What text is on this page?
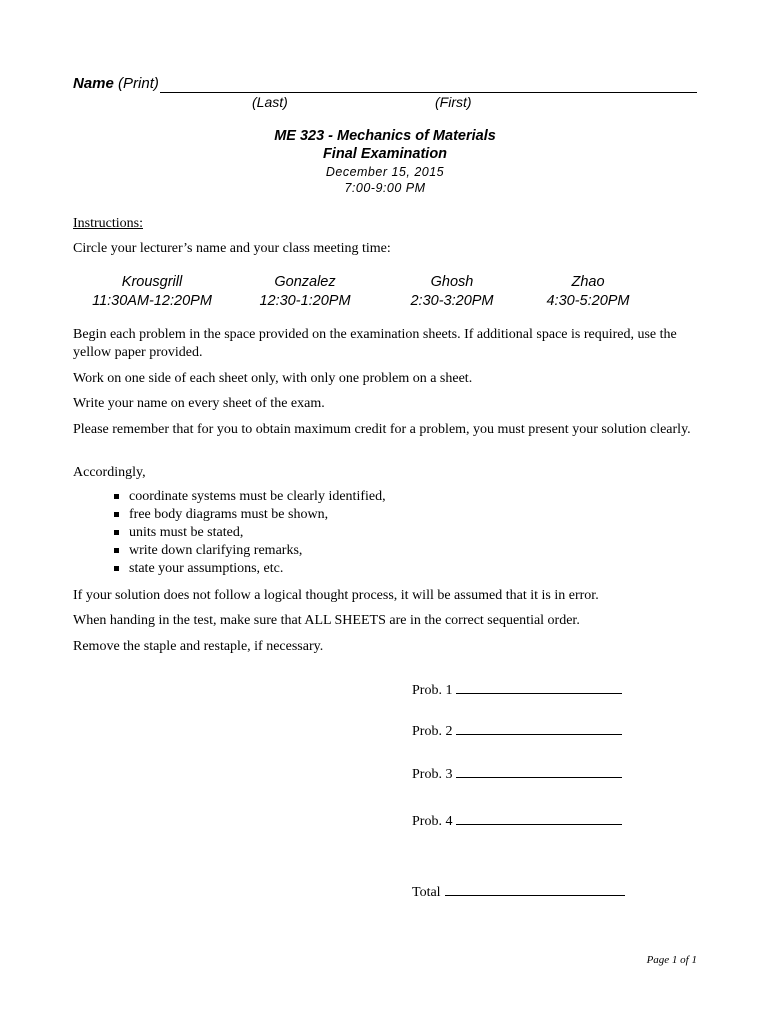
Name (Print)
(Last)	(First)
ME 323 - Mechanics of Materials
Final Examination
December 15, 2015
7:00-9:00 PM
Instructions:
Circle your lecturer’s name and your class meeting time:
Krousgrill
11:30AM-12:20PM
Gonzalez
12:30-1:20PM
Ghosh
2:30-3:20PM
Zhao
4:30-5:20PM
Begin each problem in the space provided on the examination sheets. If additional space is required, use the yellow paper provided.
Work on one side of each sheet only, with only one problem on a sheet.
Write your name on every sheet of the exam.
Please remember that for you to obtain maximum credit for a problem, you must present your solution clearly.
Accordingly,
coordinate systems must be clearly identified,
free body diagrams must be shown,
units must be stated,
write down clarifying remarks,
state your assumptions, etc.
If your solution does not follow a logical thought process, it will be assumed that it is in error.
When handing in the test, make sure that ALL SHEETS are in the correct sequential order.
Remove the staple and restaple, if necessary.
Prob. 1
Prob. 2
Prob. 3
Prob. 4
Total
Page 1 of 1
